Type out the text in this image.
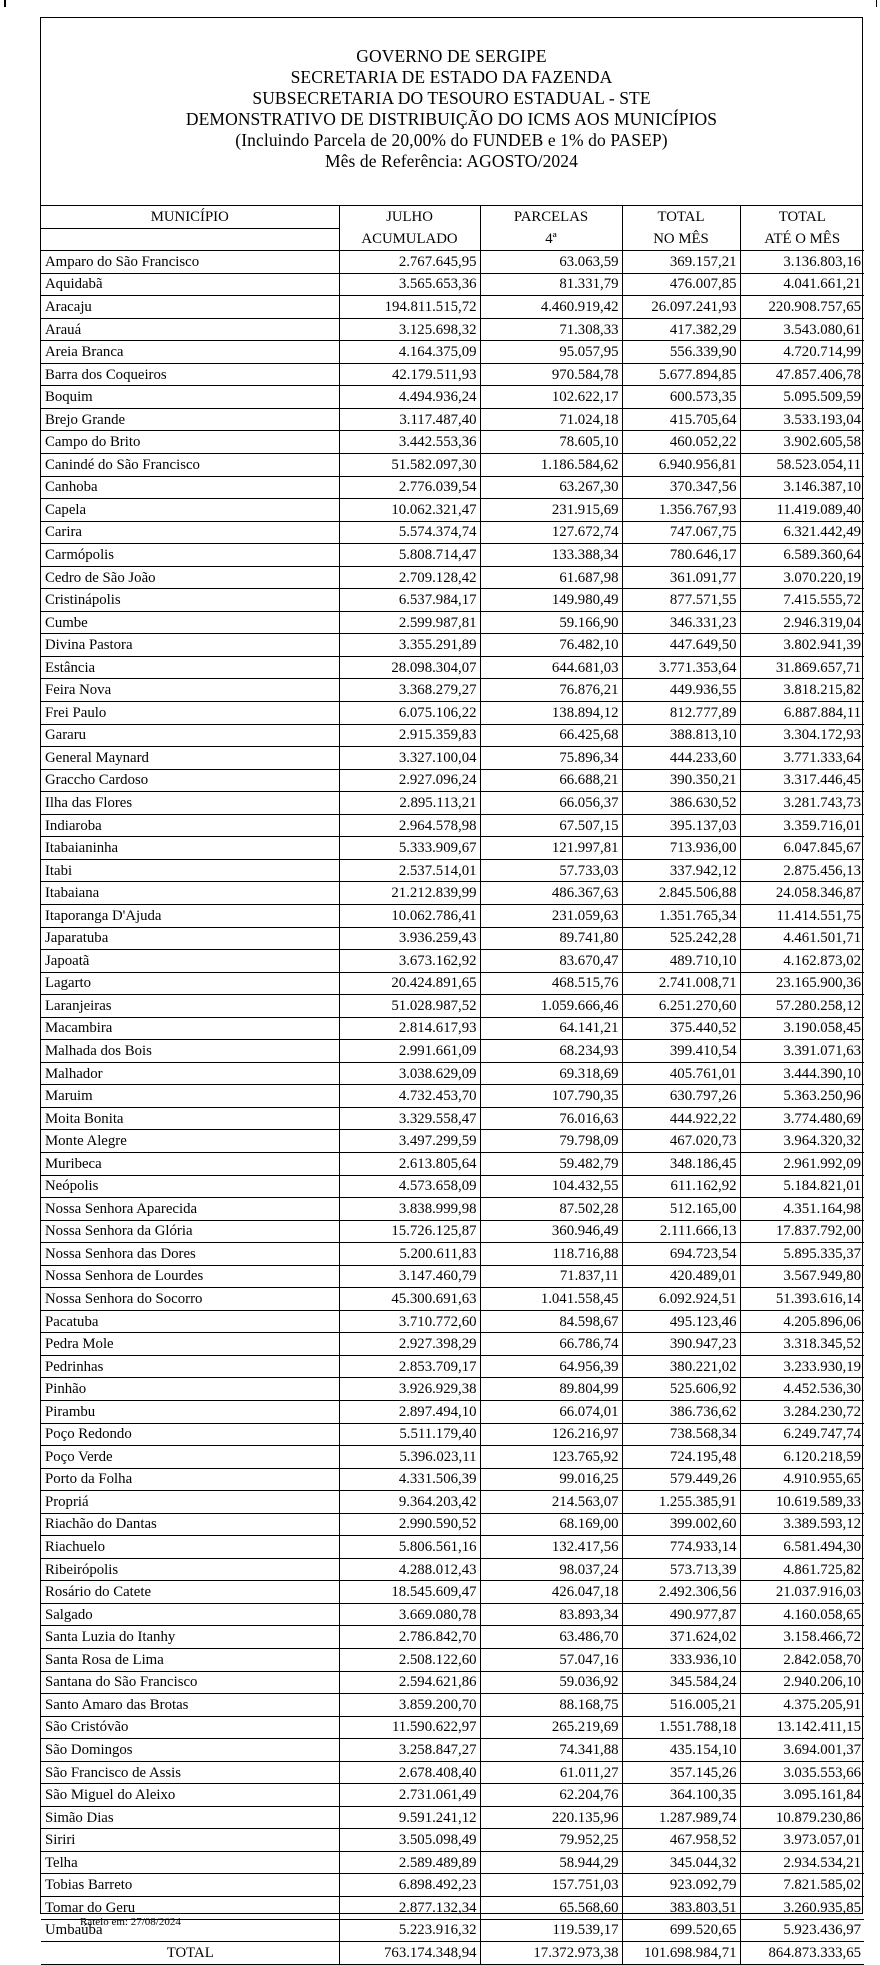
GOVERNO DE SERGIPE
SECRETARIA DE ESTADO DA FAZENDA
SUBSECRETARIA DO TESOURO ESTADUAL - STE
DEMONSTRATIVO DE DISTRIBUIÇÃO DO ICMS AOS MUNICÍPIOS
(Incluindo Parcela de 20,00% do FUNDEB e 1% do PASEP)
Mês de Referência: AGOSTO/2024
MUNICÍPIO	JULHO	PARCELAS	TOTAL	TOTAL
	ACUMULADO	4ª	NO MÊS	ATÉ O MÊS
Amparo do São Francisco	2.767.645,95	63.063,59	369.157,21	3.136.803,16
Aquidabã	3.565.653,36	81.331,79	476.007,85	4.041.661,21
Aracaju	194.811.515,72	4.460.919,42	26.097.241,93	220.908.757,65
Arauá	3.125.698,32	71.308,33	417.382,29	3.543.080,61
Areia Branca	4.164.375,09	95.057,95	556.339,90	4.720.714,99
Barra dos Coqueiros	42.179.511,93	970.584,78	5.677.894,85	47.857.406,78
Boquim	4.494.936,24	102.622,17	600.573,35	5.095.509,59
Brejo Grande	3.117.487,40	71.024,18	415.705,64	3.533.193,04
Campo do Brito	3.442.553,36	78.605,10	460.052,22	3.902.605,58
Canindé do São Francisco	51.582.097,30	1.186.584,62	6.940.956,81	58.523.054,11
Canhoba	2.776.039,54	63.267,30	370.347,56	3.146.387,10
Capela	10.062.321,47	231.915,69	1.356.767,93	11.419.089,40
Carira	5.574.374,74	127.672,74	747.067,75	6.321.442,49
Carmópolis	5.808.714,47	133.388,34	780.646,17	6.589.360,64
Cedro de São João	2.709.128,42	61.687,98	361.091,77	3.070.220,19
Cristinápolis	6.537.984,17	149.980,49	877.571,55	7.415.555,72
Cumbe	2.599.987,81	59.166,90	346.331,23	2.946.319,04
Divina Pastora	3.355.291,89	76.482,10	447.649,50	3.802.941,39
Estância	28.098.304,07	644.681,03	3.771.353,64	31.869.657,71
Feira Nova	3.368.279,27	76.876,21	449.936,55	3.818.215,82
Frei Paulo	6.075.106,22	138.894,12	812.777,89	6.887.884,11
Gararu	2.915.359,83	66.425,68	388.813,10	3.304.172,93
General Maynard	3.327.100,04	75.896,34	444.233,60	3.771.333,64
Graccho Cardoso	2.927.096,24	66.688,21	390.350,21	3.317.446,45
Ilha das Flores	2.895.113,21	66.056,37	386.630,52	3.281.743,73
Indiaroba	2.964.578,98	67.507,15	395.137,03	3.359.716,01
Itabaianinha	5.333.909,67	121.997,81	713.936,00	6.047.845,67
Itabi	2.537.514,01	57.733,03	337.942,12	2.875.456,13
Itabaiana	21.212.839,99	486.367,63	2.845.506,88	24.058.346,87
Itaporanga D'Ajuda	10.062.786,41	231.059,63	1.351.765,34	11.414.551,75
Japaratuba	3.936.259,43	89.741,80	525.242,28	4.461.501,71
Japoatã	3.673.162,92	83.670,47	489.710,10	4.162.873,02
Lagarto	20.424.891,65	468.515,76	2.741.008,71	23.165.900,36
Laranjeiras	51.028.987,52	1.059.666,46	6.251.270,60	57.280.258,12
Macambira	2.814.617,93	64.141,21	375.440,52	3.190.058,45
Malhada dos Bois	2.991.661,09	68.234,93	399.410,54	3.391.071,63
Malhador	3.038.629,09	69.318,69	405.761,01	3.444.390,10
Maruim	4.732.453,70	107.790,35	630.797,26	5.363.250,96
Moita Bonita	3.329.558,47	76.016,63	444.922,22	3.774.480,69
Monte Alegre	3.497.299,59	79.798,09	467.020,73	3.964.320,32
Muribeca	2.613.805,64	59.482,79	348.186,45	2.961.992,09
Neópolis	4.573.658,09	104.432,55	611.162,92	5.184.821,01
Nossa Senhora Aparecida	3.838.999,98	87.502,28	512.165,00	4.351.164,98
Nossa Senhora da Glória	15.726.125,87	360.946,49	2.111.666,13	17.837.792,00
Nossa Senhora das Dores	5.200.611,83	118.716,88	694.723,54	5.895.335,37
Nossa Senhora de Lourdes	3.147.460,79	71.837,11	420.489,01	3.567.949,80
Nossa Senhora do Socorro	45.300.691,63	1.041.558,45	6.092.924,51	51.393.616,14
Pacatuba	3.710.772,60	84.598,67	495.123,46	4.205.896,06
Pedra Mole	2.927.398,29	66.786,74	390.947,23	3.318.345,52
Pedrinhas	2.853.709,17	64.956,39	380.221,02	3.233.930,19
Pinhão	3.926.929,38	89.804,99	525.606,92	4.452.536,30
Pirambu	2.897.494,10	66.074,01	386.736,62	3.284.230,72
Poço Redondo	5.511.179,40	126.216,97	738.568,34	6.249.747,74
Poço Verde	5.396.023,11	123.765,92	724.195,48	6.120.218,59
Porto da Folha	4.331.506,39	99.016,25	579.449,26	4.910.955,65
Propriá	9.364.203,42	214.563,07	1.255.385,91	10.619.589,33
Riachão do Dantas	2.990.590,52	68.169,00	399.002,60	3.389.593,12
Riachuelo	5.806.561,16	132.417,56	774.933,14	6.581.494,30
Ribeirópolis	4.288.012,43	98.037,24	573.713,39	4.861.725,82
Rosário do Catete	18.545.609,47	426.047,18	2.492.306,56	21.037.916,03
Salgado	3.669.080,78	83.893,34	490.977,87	4.160.058,65
Santa Luzia do Itanhy	2.786.842,70	63.486,70	371.624,02	3.158.466,72
Santa Rosa de Lima	2.508.122,60	57.047,16	333.936,10	2.842.058,70
Santana do São Francisco	2.594.621,86	59.036,92	345.584,24	2.940.206,10
Santo Amaro das Brotas	3.859.200,70	88.168,75	516.005,21	4.375.205,91
São Cristóvão	11.590.622,97	265.219,69	1.551.788,18	13.142.411,15
São Domingos	3.258.847,27	74.341,88	435.154,10	3.694.001,37
São Francisco de Assis	2.678.408,40	61.011,27	357.145,26	3.035.553,66
São Miguel do Aleixo	2.731.061,49	62.204,76	364.100,35	3.095.161,84
Simão Dias	9.591.241,12	220.135,96	1.287.989,74	10.879.230,86
Siriri	3.505.098,49	79.952,25	467.958,52	3.973.057,01
Telha	2.589.489,89	58.944,29	345.044,32	2.934.534,21
Tobias Barreto	6.898.492,23	157.751,03	923.092,79	7.821.585,02
Tomar do Geru	2.877.132,34	65.568,60	383.803,51	3.260.935,85
Umbaúba	5.223.916,32	119.539,17	699.520,65	5.923.436,97
TOTAL	763.174.348,94	17.372.973,38	101.698.984,71	864.873.333,65
Rateio em: 27/08/2024
